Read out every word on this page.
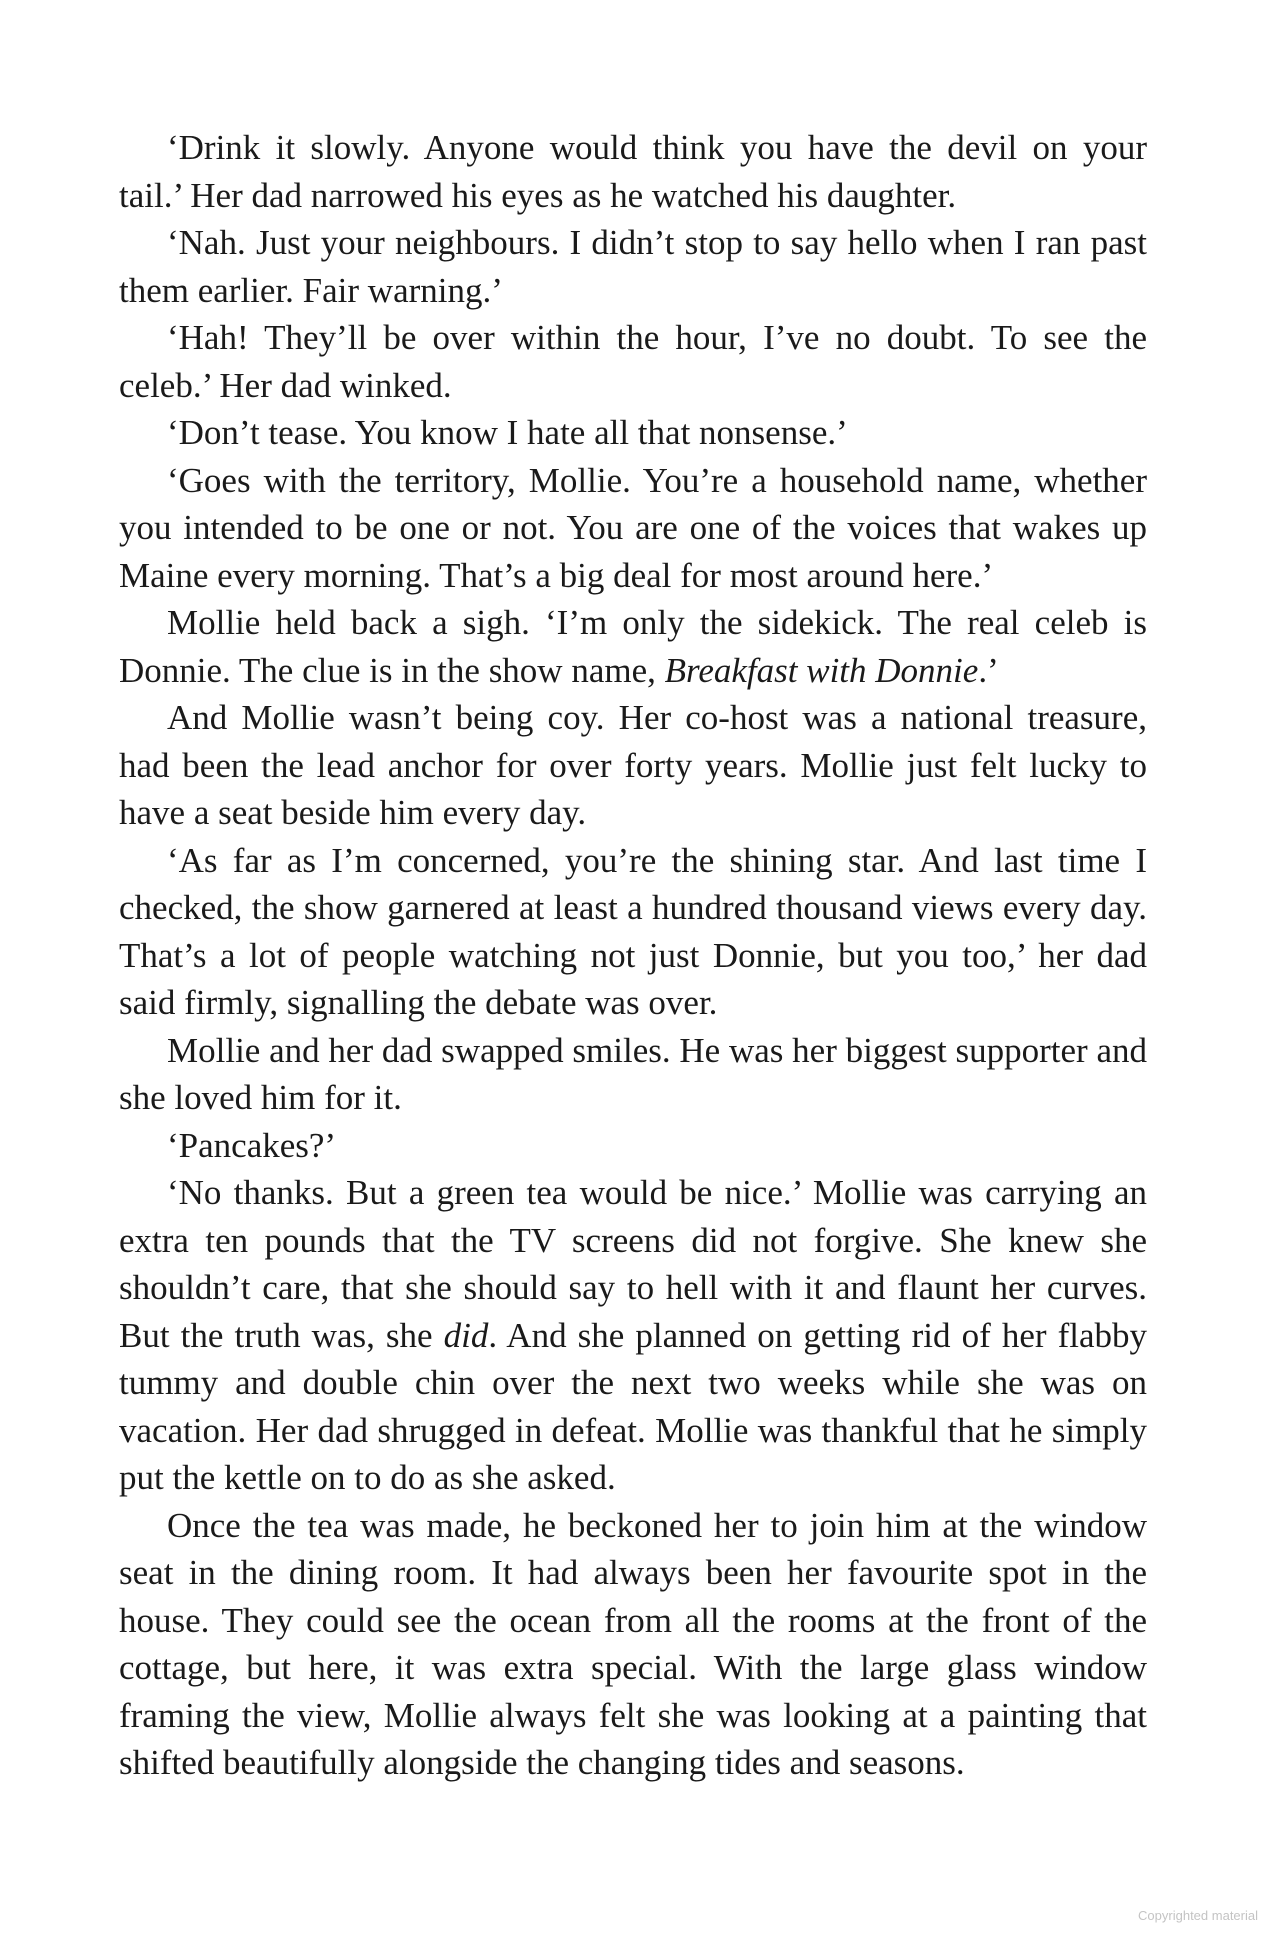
‘Drink it slowly. Anyone would think you have the devil on your tail.’ Her dad narrowed his eyes as he watched his daughter.

‘Nah. Just your neighbours. I didn’t stop to say hello when I ran past them earlier. Fair warning.’

‘Hah! They’ll be over within the hour, I’ve no doubt. To see the celeb.’ Her dad winked.

‘Don’t tease. You know I hate all that nonsense.’

‘Goes with the territory, Mollie. You’re a household name, whether you intended to be one or not. You are one of the voices that wakes up Maine every morning. That’s a big deal for most around here.’

Mollie held back a sigh. ‘I’m only the sidekick. The real celeb is Donnie. The clue is in the show name, Breakfast with Donnie.’

And Mollie wasn’t being coy. Her co-host was a national treasure, had been the lead anchor for over forty years. Mollie just felt lucky to have a seat beside him every day.

‘As far as I’m concerned, you’re the shining star. And last time I checked, the show garnered at least a hundred thousand views every day. That’s a lot of people watching not just Donnie, but you too,’ her dad said firmly, signalling the debate was over.

Mollie and her dad swapped smiles. He was her biggest supporter and she loved him for it.

‘Pancakes?’

‘No thanks. But a green tea would be nice.’ Mollie was carrying an extra ten pounds that the TV screens did not forgive. She knew she shouldn’t care, that she should say to hell with it and flaunt her curves. But the truth was, she did. And she planned on getting rid of her flabby tummy and double chin over the next two weeks while she was on vacation. Her dad shrugged in defeat. Mollie was thankful that he simply put the kettle on to do as she asked.

Once the tea was made, he beckoned her to join him at the window seat in the dining room. It had always been her favourite spot in the house. They could see the ocean from all the rooms at the front of the cottage, but here, it was extra special. With the large glass window framing the view, Mollie always felt she was looking at a painting that shifted beautifully alongside the changing tides and seasons.

Copyrighted material
